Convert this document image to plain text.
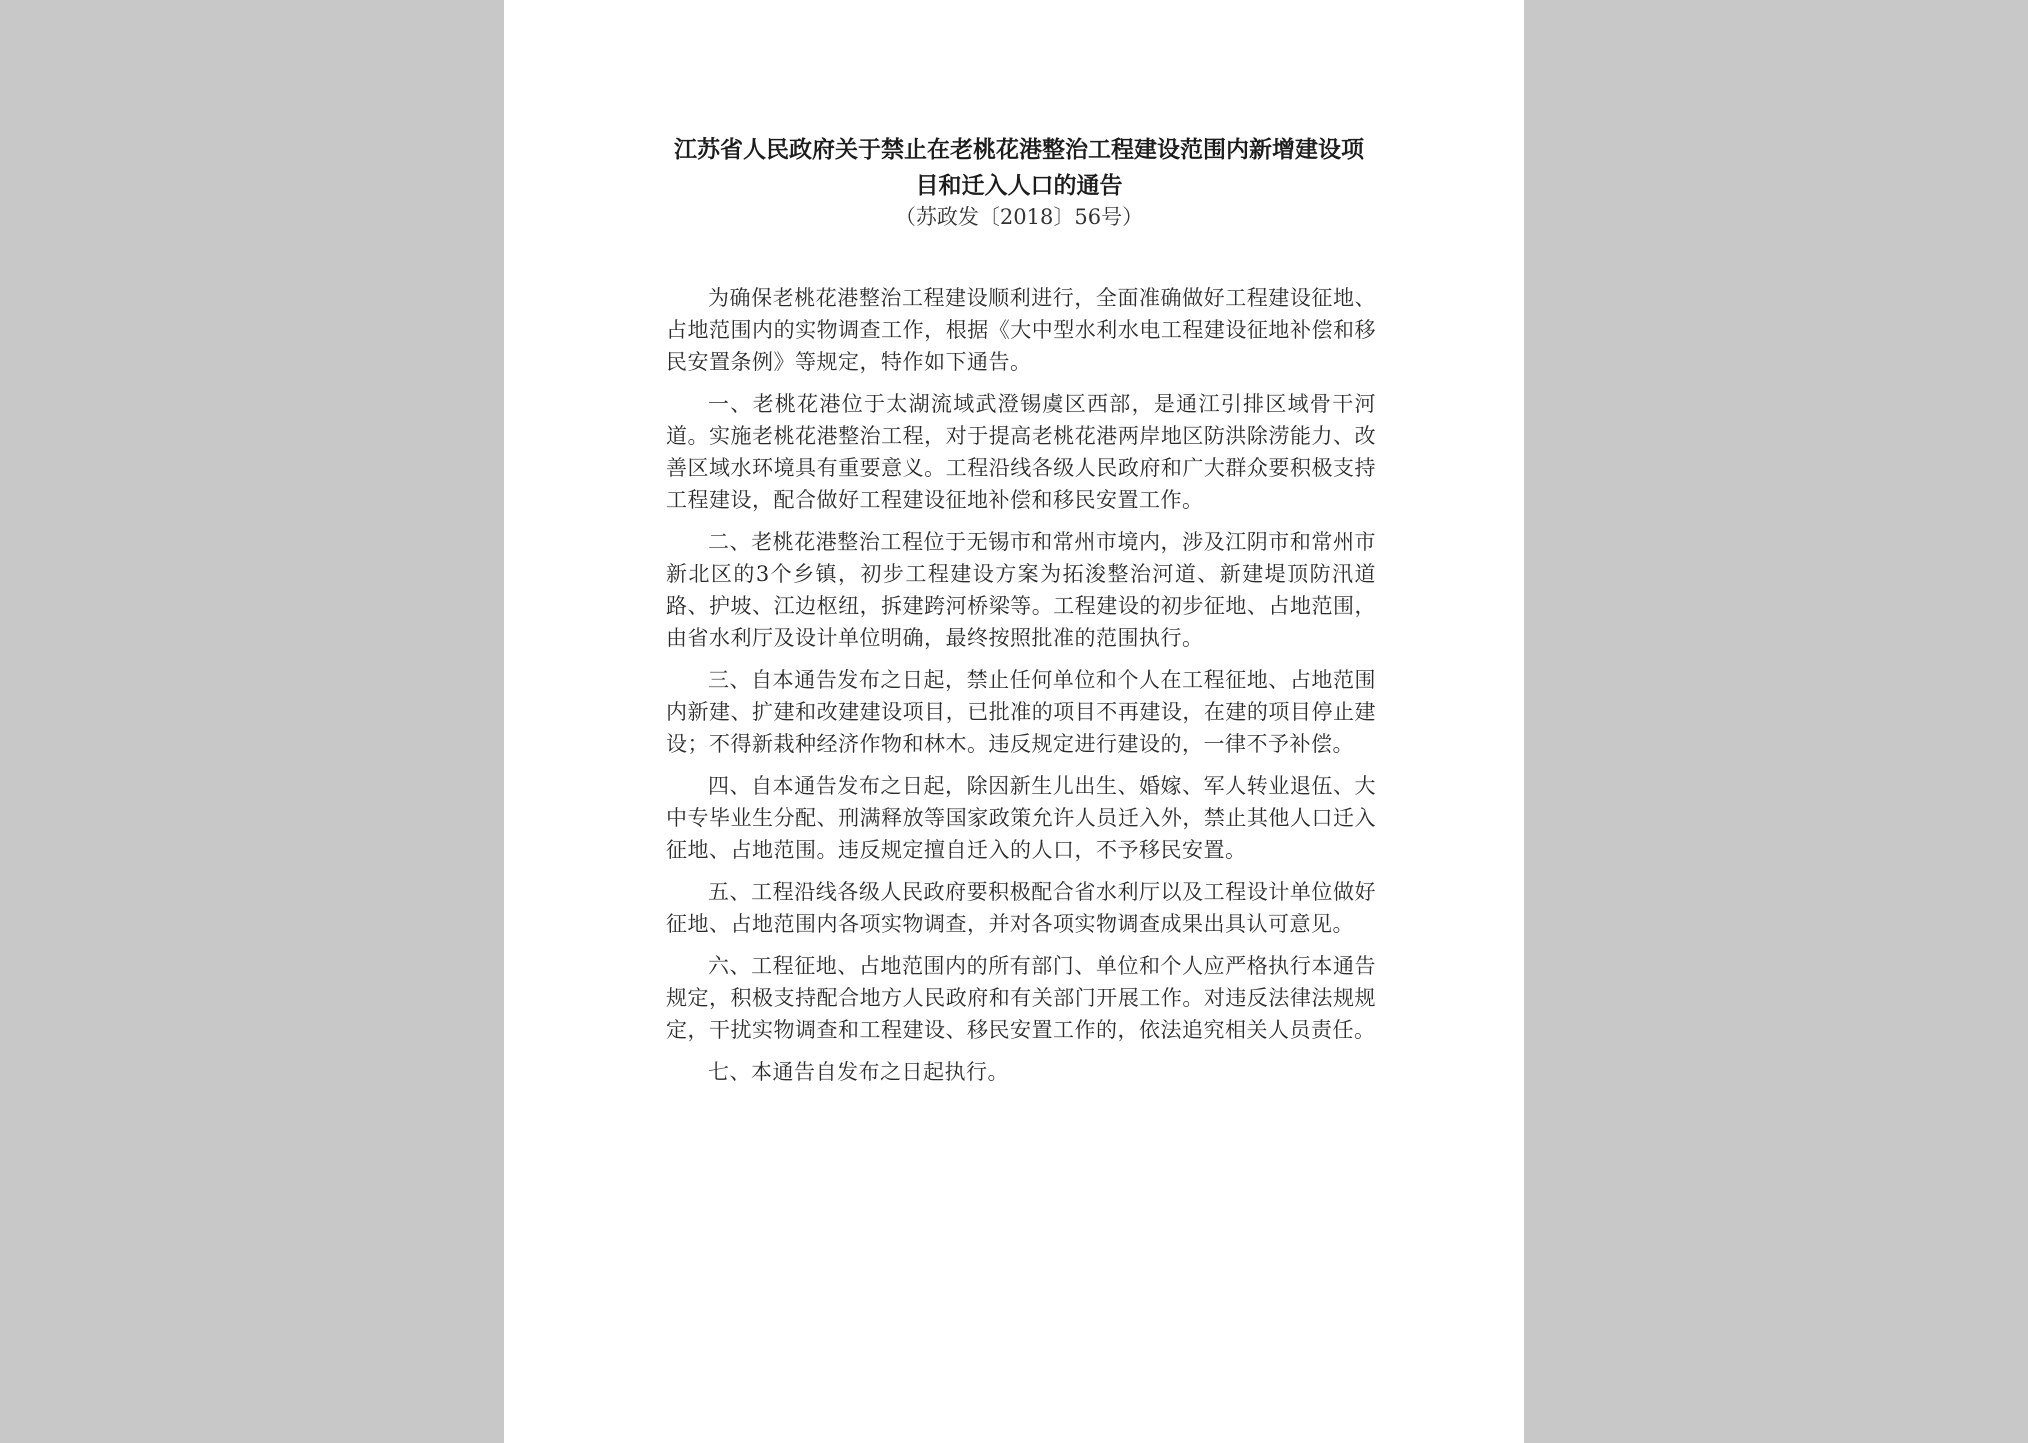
江苏省人民政府关于禁止在老桃花港整治工程建设范围内新增建设项目和迁入人口的通告

（苏政发〔2018〕56号）

为确保老桃花港整治工程建设顺利进行，全面准确做好工程建设征地、占地范围内的实物调查工作，根据《大中型水利水电工程建设征地补偿和移民安置条例》等规定，特作如下通告。

一、老桃花港位于太湖流域武澄锡虞区西部，是通江引排区域骨干河道。实施老桃花港整治工程，对于提高老桃花港两岸地区防洪除涝能力、改善区域水环境具有重要意义。工程沿线各级人民政府和广大群众要积极支持工程建设，配合做好工程建设征地补偿和移民安置工作。

二、老桃花港整治工程位于无锡市和常州市境内，涉及江阴市和常州市新北区的3个乡镇，初步工程建设方案为拓浚整治河道、新建堤顶防汛道路、护坡、江边枢纽，拆建跨河桥梁等。工程建设的初步征地、占地范围，由省水利厅及设计单位明确，最终按照批准的范围执行。

三、自本通告发布之日起，禁止任何单位和个人在工程征地、占地范围内新建、扩建和改建建设项目，已批准的项目不再建设，在建的项目停止建设；不得新栽种经济作物和林木。违反规定进行建设的，一律不予补偿。

四、自本通告发布之日起，除因新生儿出生、婚嫁、军人转业退伍、大中专毕业生分配、刑满释放等国家政策允许人员迁入外，禁止其他人口迁入征地、占地范围。违反规定擅自迁入的人口，不予移民安置。

五、工程沿线各级人民政府要积极配合省水利厅以及工程设计单位做好征地、占地范围内各项实物调查，并对各项实物调查成果出具认可意见。

六、工程征地、占地范围内的所有部门、单位和个人应严格执行本通告规定，积极支持配合地方人民政府和有关部门开展工作。对违反法律法规规定，干扰实物调查和工程建设、移民安置工作的，依法追究相关人员责任。

七、本通告自发布之日起执行。
